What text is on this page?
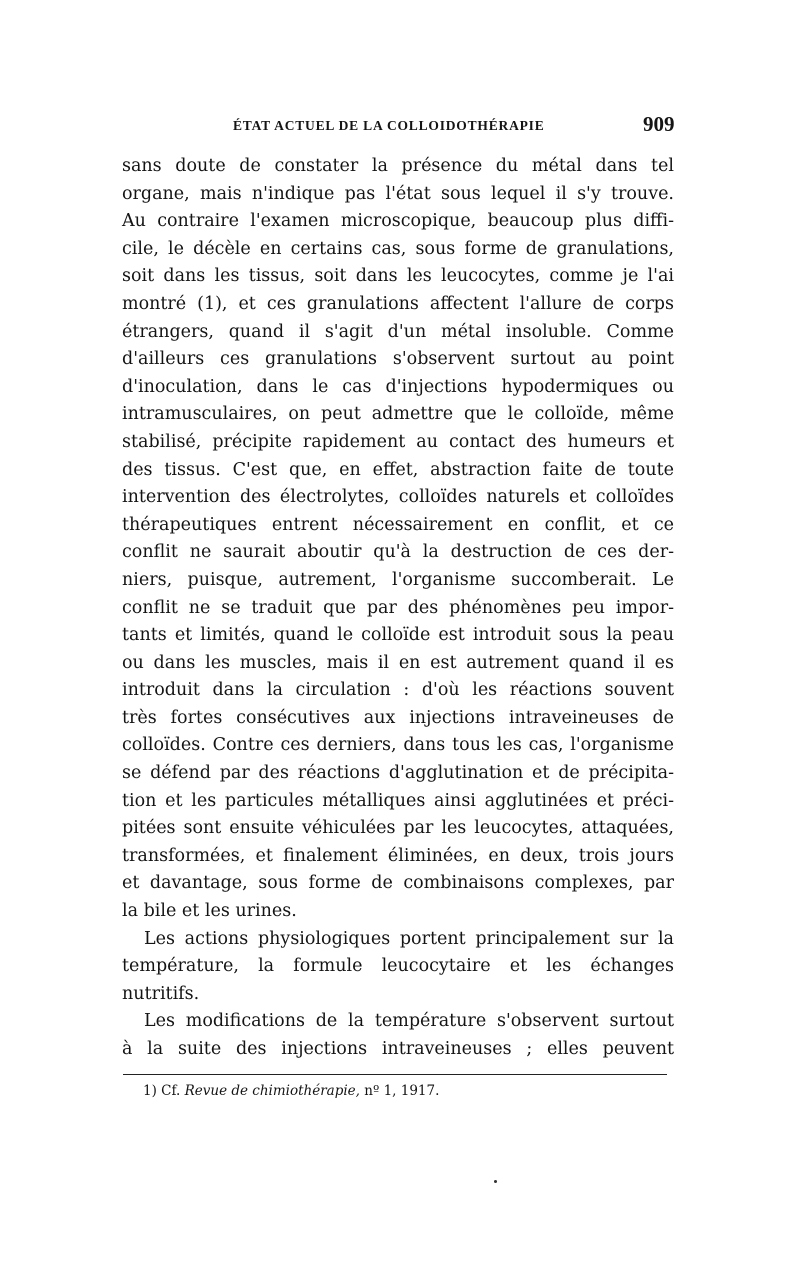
ÉTAT ACTUEL DE LA COLLOIDOTHÉRAPIE	909
sans doute de constater la présence du métal dans tel
organe, mais n'indique pas l'état sous lequel il s'y trouve.
Au contraire l'examen microscopique, beaucoup plus diffi-
cile, le décèle en certains cas, sous forme de granulations,
soit dans les tissus, soit dans les leucocytes, comme je l'ai
montré (1), et ces granulations affectent l'allure de corps
étrangers, quand il s'agit d'un métal insoluble. Comme
d'ailleurs ces granulations s'observent surtout au point
d'inoculation, dans le cas d'injections hypodermiques ou
intramusculaires, on peut admettre que le colloïde, même
stabilisé, précipite rapidement au contact des humeurs et
des tissus. C'est que, en effet, abstraction faite de toute
intervention des électrolytes, colloïdes naturels et colloïdes
thérapeutiques entrent nécessairement en conflit, et ce
conflit ne saurait aboutir qu'à la destruction de ces der-
niers, puisque, autrement, l'organisme succomberait. Le
conflit ne se traduit que par des phénomènes peu impor-
tants et limités, quand le colloïde est introduit sous la peau
ou dans les muscles, mais il en est autrement quand il es
introduit dans la circulation : d'où les réactions souvent
très fortes consécutives aux injections intraveineuses de
colloïdes. Contre ces derniers, dans tous les cas, l'organisme
se défend par des réactions d'agglutination et de précipita-
tion et les particules métalliques ainsi agglutinées et préci-
pitées sont ensuite véhiculées par les leucocytes, attaquées,
transformées, et finalement éliminées, en deux, trois jours
et davantage, sous forme de combinaisons complexes, par
la bile et les urines.
Les actions physiologiques portent principalement sur la
température, la formule leucocytaire et les échanges
nutritifs.
Les modifications de la température s'observent surtout
à la suite des injections intraveineuses ; elles peuvent
1) Cf. Revue de chimiothérapie, nº 1, 1917.
